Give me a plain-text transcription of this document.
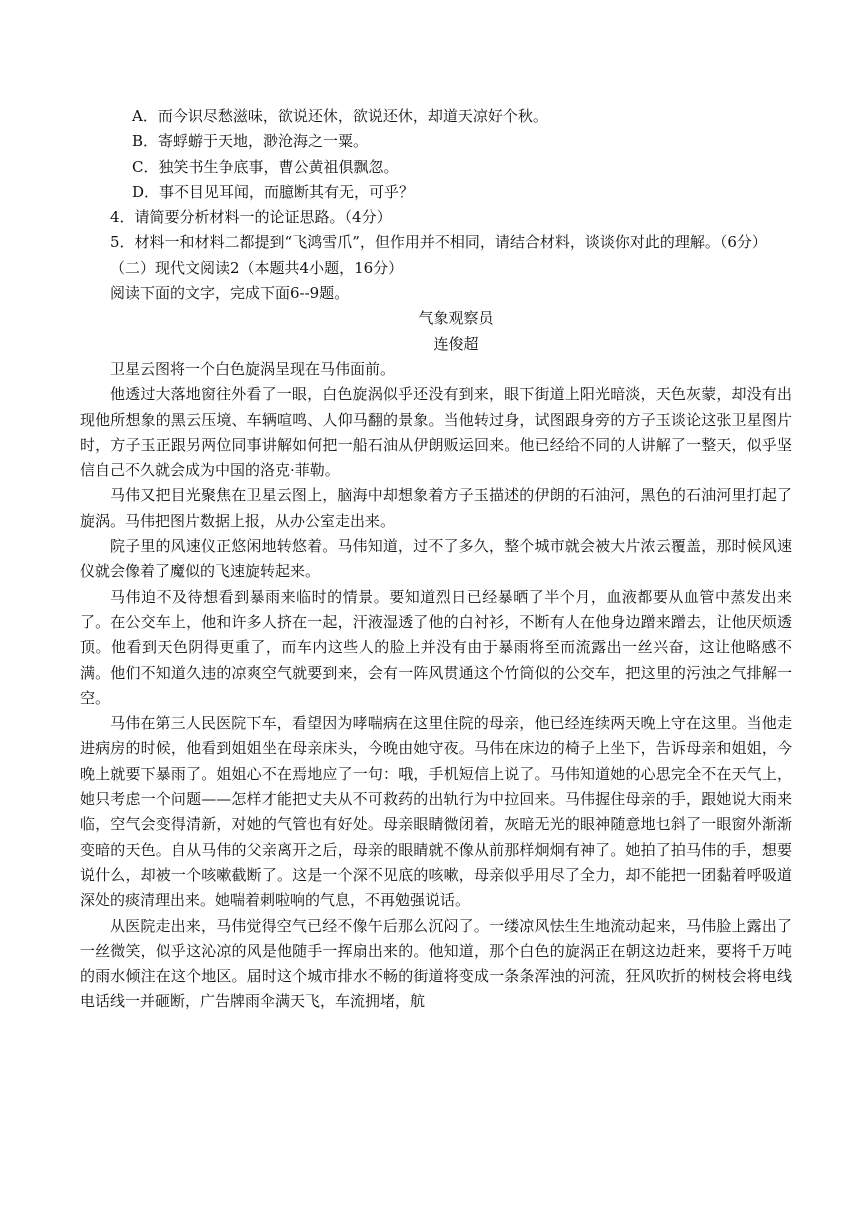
A．而今识尽愁滋味，欲说还休，欲说还休，却道天凉好个秋。

B．寄蜉蝣于天地，渺沧海之一粟。

C．独笑书生争底事，曹公黄祖俱飘忽。

D．事不目见耳闻，而臆断其有无，可乎？

4．请简要分析材料一的论证思路。（4分）

5．材料一和材料二都提到“飞鸿雪爪”，但作用并不相同，请结合材料，谈谈你对此的理解。（6分）

（二）现代文阅读2（本题共4小题，16分）

阅读下面的文字，完成下面6--9题。

气象观察员

连俊超

卫星云图将一个白色旋涡呈现在马伟面前。

他透过大落地窗往外看了一眼，白色旋涡似乎还没有到来，眼下街道上阳光暗淡，天色灰蒙，却没有出现他所想象的黑云压境、车辆喧鸣、人仰马翻的景象。当他转过身，试图跟身旁的方子玉谈论这张卫星图片时，方子玉正跟另两位同事讲解如何把一船石油从伊朗贩运回来。他已经给不同的人讲解了一整天，似乎坚信自己不久就会成为中国的洛克·菲勒。

马伟又把目光聚焦在卫星云图上，脑海中却想象着方子玉描述的伊朗的石油河，黑色的石油河里打起了旋涡。马伟把图片数据上报，从办公室走出来。

院子里的风速仪正悠闲地转悠着。马伟知道，过不了多久，整个城市就会被大片浓云覆盖，那时候风速仪就会像着了魔似的飞速旋转起来。

马伟迫不及待想看到暴雨来临时的情景。要知道烈日已经暴晒了半个月，血液都要从血管中蒸发出来了。在公交车上，他和许多人挤在一起，汗液湿透了他的白衬衫，不断有人在他身边蹭来蹭去，让他厌烦透顶。他看到天色阴得更重了，而车内这些人的脸上并没有由于暴雨将至而流露出一丝兴奋，这让他略感不满。他们不知道久违的凉爽空气就要到来，会有一阵风贯通这个竹筒似的公交车，把这里的污浊之气排解一空。

马伟在第三人民医院下车，看望因为哮喘病在这里住院的母亲，他已经连续两天晚上守在这里。当他走进病房的时候，他看到姐姐坐在母亲床头，今晚由她守夜。马伟在床边的椅子上坐下，告诉母亲和姐姐，今晚上就要下暴雨了。姐姐心不在焉地应了一句：哦，手机短信上说了。马伟知道她的心思完全不在天气上，她只考虑一个问题——怎样才能把丈夫从不可救药的出轨行为中拉回来。马伟握住母亲的手，跟她说大雨来临，空气会变得清新，对她的气管也有好处。母亲眼睛微闭着，灰暗无光的眼神随意地乜斜了一眼窗外渐渐变暗的天色。自从马伟的父亲离开之后，母亲的眼睛就不像从前那样炯炯有神了。她拍了拍马伟的手，想要说什么，却被一个咳嗽截断了。这是一个深不见底的咳嗽，母亲似乎用尽了全力，却不能把一团黏着呼吸道深处的痰清理出来。她喘着刺啦响的气息，不再勉强说话。

从医院走出来，马伟觉得空气已经不像午后那么沉闷了。一缕凉风怯生生地流动起来，马伟脸上露出了一丝微笑，似乎这沁凉的风是他随手一挥扇出来的。他知道，那个白色的旋涡正在朝这边赶来，要将千万吨的雨水倾注在这个地区。届时这个城市排水不畅的街道将变成一条条浑浊的河流，狂风吹折的树枝会将电线电话线一并砸断，广告牌雨伞满天飞，车流拥堵，航
